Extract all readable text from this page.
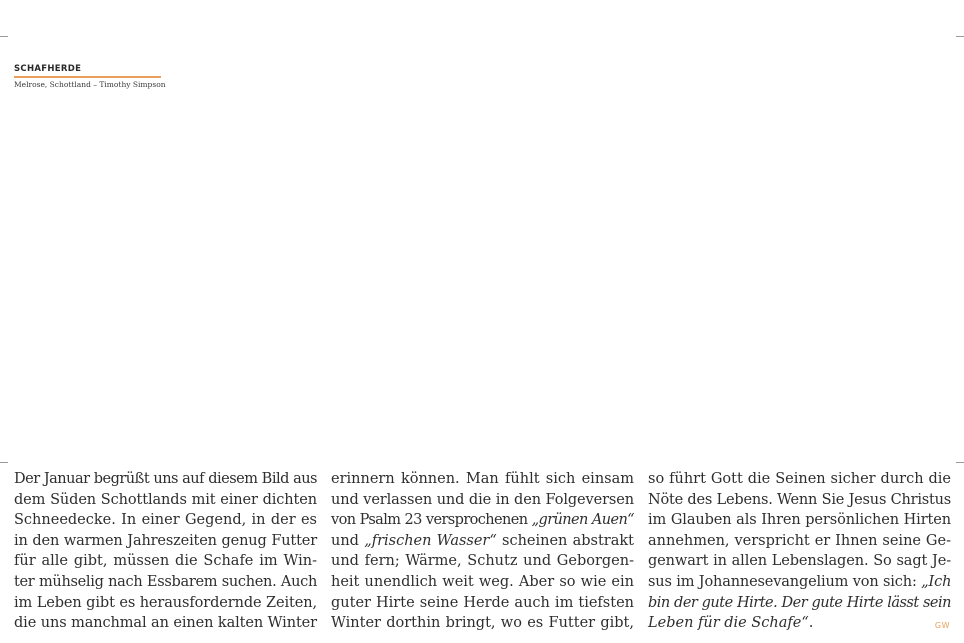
SCHAFHERDE
Melrose, Schottland – Timothy Simpson
Der Januar begrüßt uns auf diesem Bild aus
dem Süden Schottlands mit einer dichten
Schneedecke. In einer Gegend, in der es
in den warmen Jahreszeiten genug Futter
für alle gibt, müssen die Schafe im Win-
ter mühselig nach Essbarem suchen. Auch
im Leben gibt es herausfordernde Zeiten,
die uns manchmal an einen kalten Winter
erinnern können. Man fühlt sich einsam
und verlassen und die in den Folgeversen
von Psalm 23 versprochenen „grünen Auen“
und „frischen Wasser“ scheinen abstrakt
und fern; Wärme, Schutz und Geborgen-
heit unendlich weit weg. Aber so wie ein
guter Hirte seine Herde auch im tiefsten
Winter dorthin bringt, wo es Futter gibt,
so führt Gott die Seinen sicher durch die
Nöte des Lebens. Wenn Sie Jesus Christus
im Glauben als Ihren persönlichen Hirten
annehmen, verspricht er Ihnen seine Ge-
genwart in allen Lebenslagen. So sagt Je-
sus im Johannesevangelium von sich: „Ich
bin der gute Hirte. Der gute Hirte lässt sein
Leben für die Schafe“.	GW
